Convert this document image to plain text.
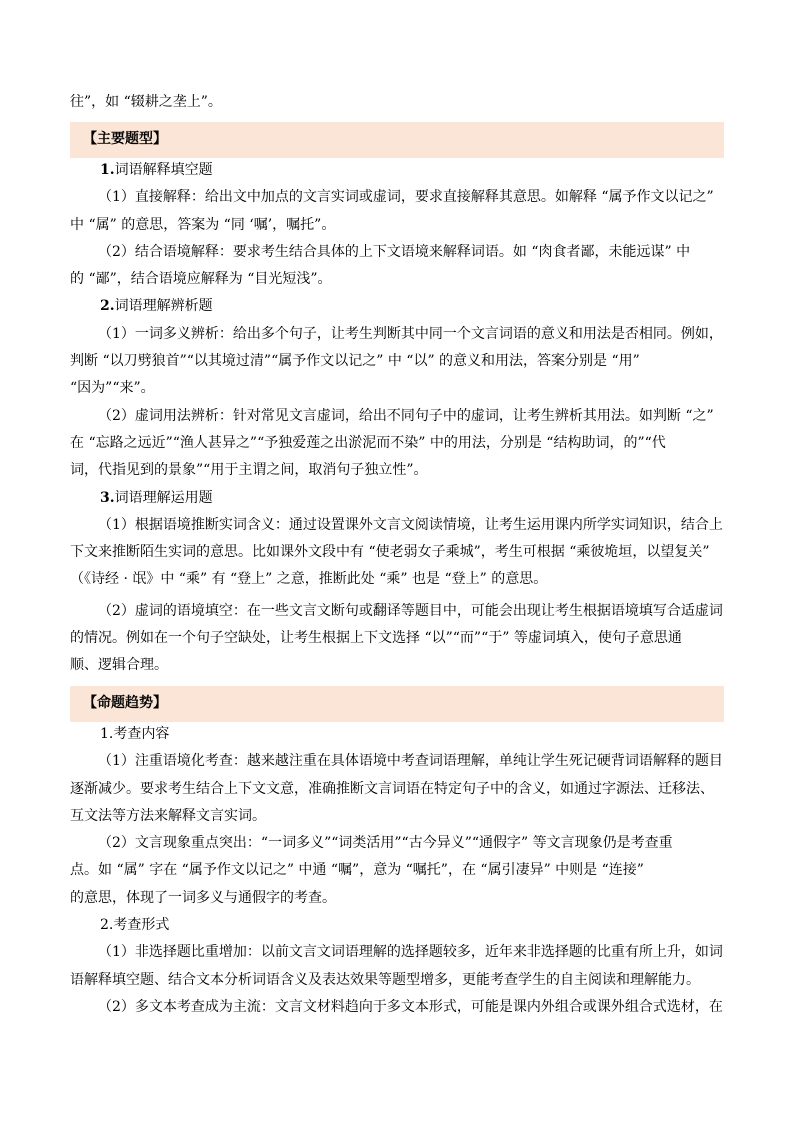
往”，如 “辍耕之垄上”。

【主要题型】

1.词语解释填空题

（1）直接解释：给出文中加点的文言实词或虚词，要求直接解释其意思。如解释 “属予作文以记之”

中 “属” 的意思，答案为 “同 ‘嘱’，嘱托”。

（2）结合语境解释：要求考生结合具体的上下文语境来解释词语。如 “肉食者鄙，未能远谋” 中

的 “鄙”，结合语境应解释为 “目光短浅”。

2.词语理解辨析题

（1）一词多义辨析：给出多个句子，让考生判断其中同一个文言词语的意义和用法是否相同。例如，

判断 “以刀劈狼首”“以其境过清”“属予作文以记之” 中 “以” 的意义和用法，答案分别是 “用”

“因为”“来”。

（2）虚词用法辨析：针对常见文言虚词，给出不同句子中的虚词，让考生辨析其用法。如判断 “之”

在 “忘路之远近”“渔人甚异之”“予独爱莲之出淤泥而不染” 中的用法，分别是 “结构助词，的”“代

词，代指见到的景象”“用于主谓之间，取消句子独立性”。

3.词语理解运用题

（1）根据语境推断实词含义：通过设置课外文言文阅读情境，让考生运用课内所学实词知识，结合上

下文来推断陌生实词的意思。比如课外文段中有 “使老弱女子乘城”，考生可根据 “乘彼垝垣，以望复关”

（《诗经 · 氓》中 “乘” 有 “登上” 之意，推断此处 “乘” 也是 “登上” 的意思。

（2）虚词的语境填空：在一些文言文断句或翻译等题目中，可能会出现让考生根据语境填写合适虚词

的情况。例如在一个句子空缺处，让考生根据上下文选择 “以”“而”“于” 等虚词填入，使句子意思通

顺、逻辑合理。

【命题趋势】

1.考查内容

（1）注重语境化考查：越来越注重在具体语境中考查词语理解，单纯让学生死记硬背词语解释的题目

逐渐减少。要求考生结合上下文文意，准确推断文言词语在特定句子中的含义，如通过字源法、迁移法、

互文法等方法来解释文言实词。

（2）文言现象重点突出：“一词多义”“词类活用”“古今异义”“通假字” 等文言现象仍是考查重

点。如 “属” 字在 “属予作文以记之” 中通 “嘱”，意为 “嘱托”，在 “属引凄异” 中则是 “连接”

的意思，体现了一词多义与通假字的考查。

2.考查形式

（1）非选择题比重增加：以前文言文词语理解的选择题较多，近年来非选择题的比重有所上升，如词

语解释填空题、结合文本分析词语含义及表达效果等题型增多，更能考查学生的自主阅读和理解能力。

（2）多文本考查成为主流：文言文材料趋向于多文本形式，可能是课内外组合或课外组合式选材，在
